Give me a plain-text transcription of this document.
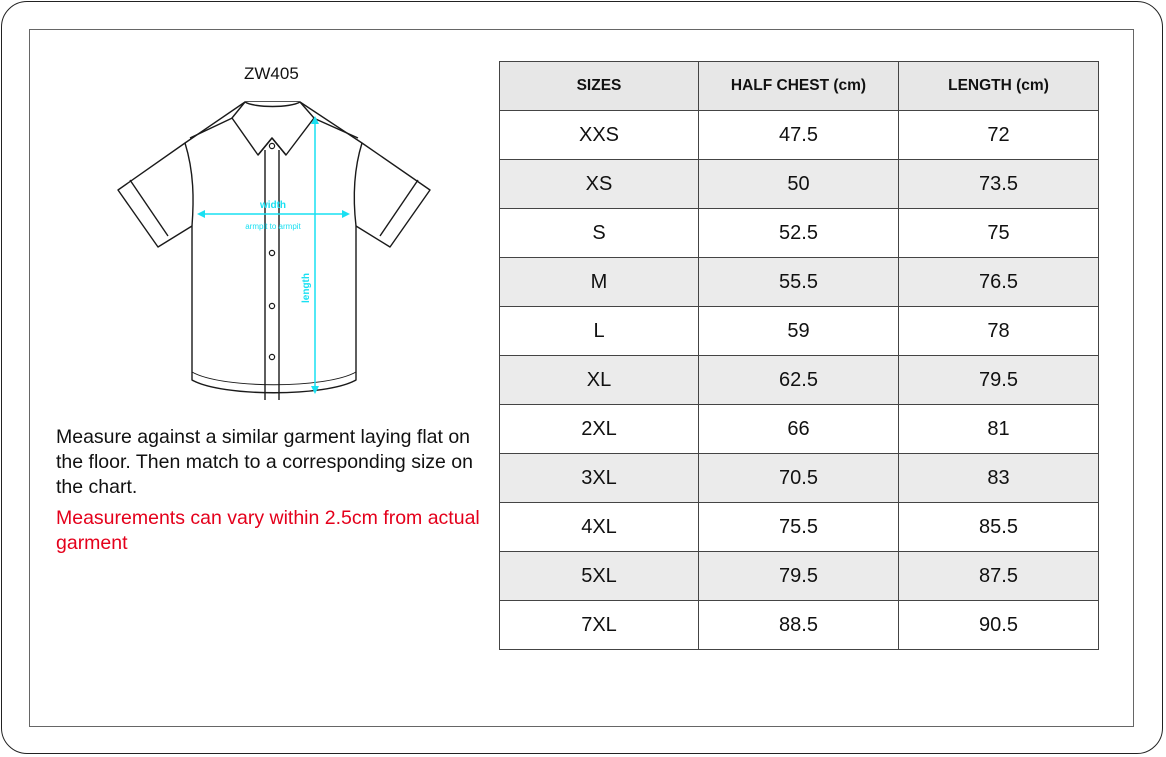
ZW405
width
armpit to armpit
length
Measure against a similar garment laying flat on the floor. Then match to a corresponding size on the chart.
Measurements can vary within 2.5cm from actual garment
SIZES	HALF CHEST (cm)	LENGTH (cm)
XXS	47.5	72
XS	50	73.5
S	52.5	75
M	55.5	76.5
L	59	78
XL	62.5	79.5
2XL	66	81
3XL	70.5	83
4XL	75.5	85.5
5XL	79.5	87.5
7XL	88.5	90.5
